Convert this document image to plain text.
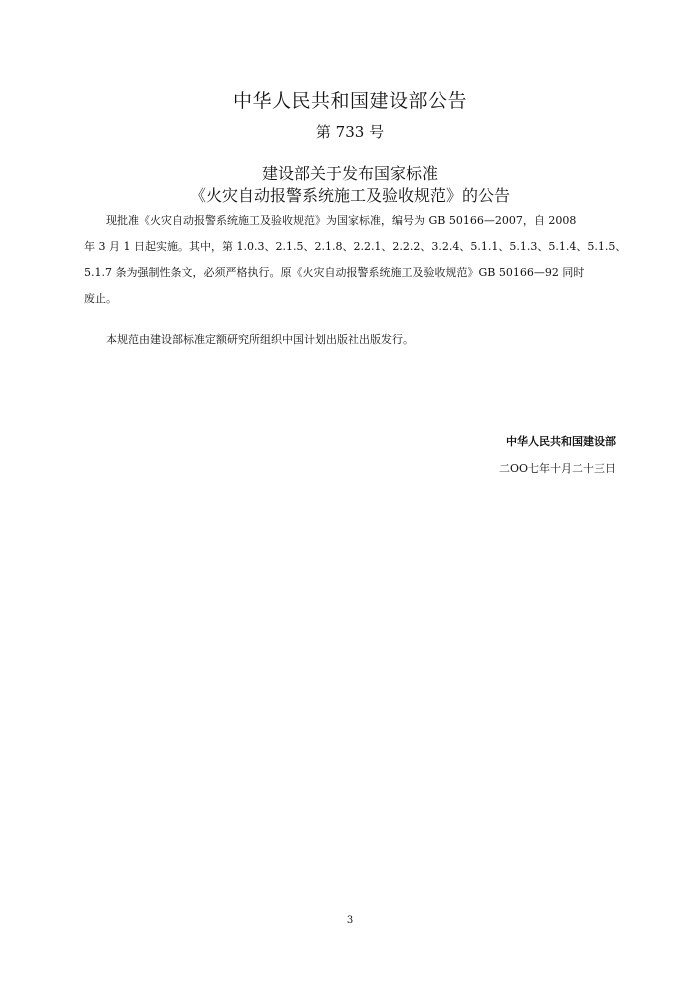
中华人民共和国建设部公告
第 733 号
建设部关于发布国家标准
《火灾自动报警系统施工及验收规范》的公告
现批准《火灾自动报警系统施工及验收规范》为国家标准，编号为 GB 50166—2007，自 2008
年 3 月 1 日起实施。其中，第 1.0.3、2.1.5、2.1.8、2.2.1、2.2.2、3.2.4、5.1.1、5.1.3、5.1.4、5.1.5、
5.1.7 条为强制性条文，必须严格执行。原《火灾自动报警系统施工及验收规范》GB 50166—92 同时
废止。
本规范由建设部标准定额研究所组织中国计划出版社出版发行。
中华人民共和国建设部
二OO七年十月二十三日
3
